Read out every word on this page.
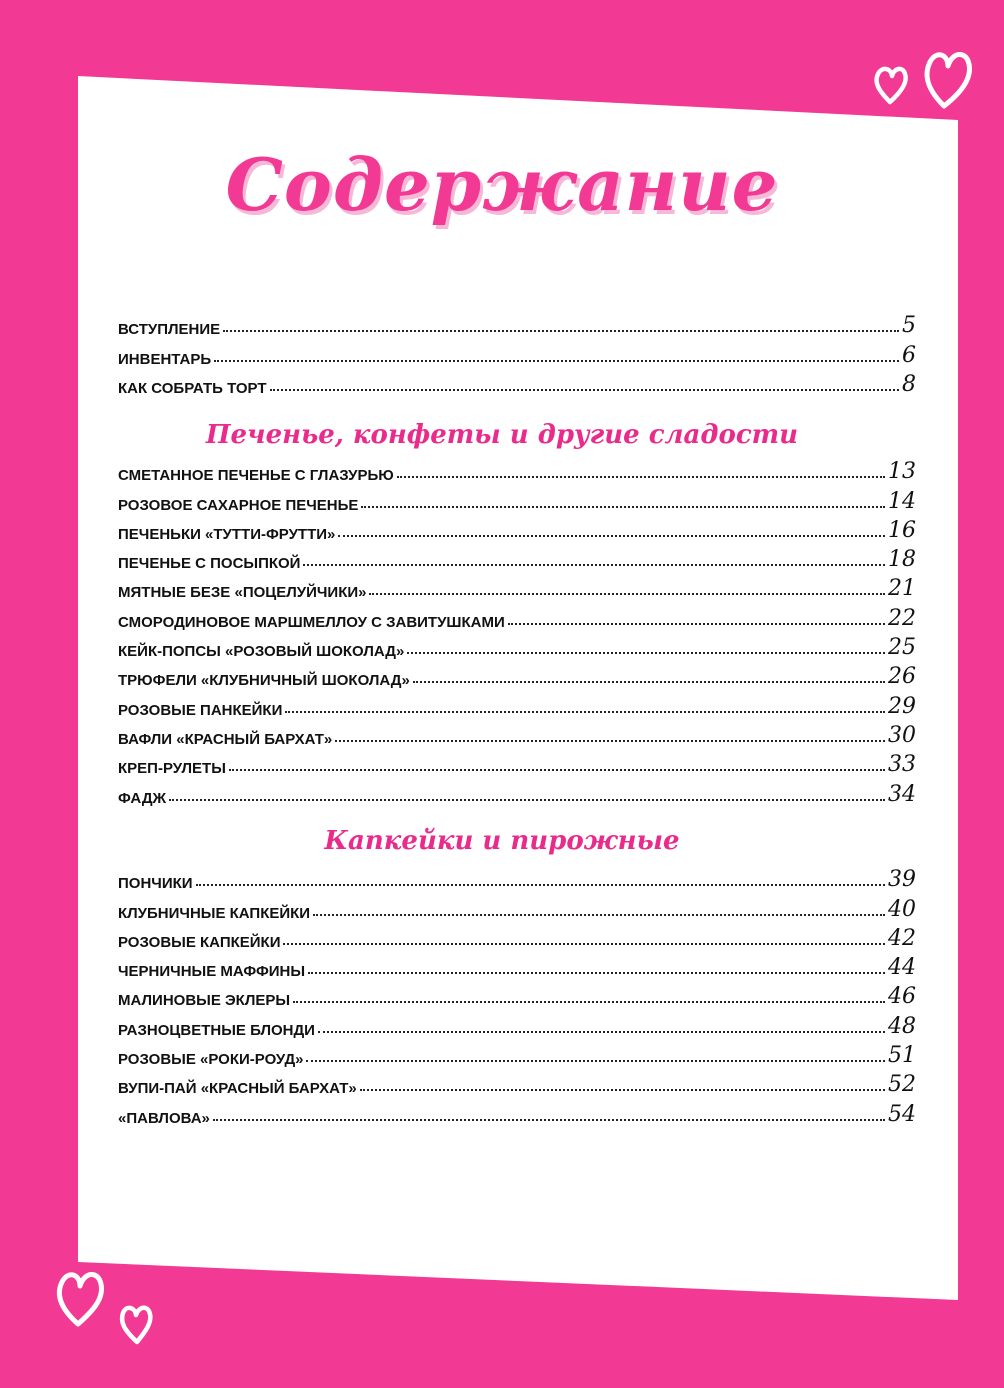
Содержание
ВСТУПЛЕНИЕ	5
ИНВЕНТАРЬ	6
КАК СОБРАТЬ ТОРТ	8
Печенье, конфеты и другие сладости
СМЕТАННОЕ ПЕЧЕНЬЕ С ГЛАЗУРЬЮ	13
РОЗОВОЕ САХАРНОЕ ПЕЧЕНЬЕ	14
ПЕЧЕНЬКИ «ТУТТИ-ФРУТТИ»	16
ПЕЧЕНЬЕ С ПОСЫПКОЙ	18
МЯТНЫЕ БЕЗЕ «ПОЦЕЛУЙЧИКИ»	21
СМОРОДИНОВОЕ МАРШМЕЛЛОУ С ЗАВИТУШКАМИ	22
КЕЙК-ПОПСЫ «РОЗОВЫЙ ШОКОЛАД»	25
ТРЮФЕЛИ «КЛУБНИЧНЫЙ ШОКОЛАД»	26
РОЗОВЫЕ ПАНКЕЙКИ	29
ВАФЛИ «КРАСНЫЙ БАРХАТ»	30
КРЕП-РУЛЕТЫ	33
ФАДЖ	34
Капкейки и пирожные
ПОНЧИКИ	39
КЛУБНИЧНЫЕ КАПКЕЙКИ	40
РОЗОВЫЕ КАПКЕЙКИ	42
ЧЕРНИЧНЫЕ МАФФИНЫ	44
МАЛИНОВЫЕ ЭКЛЕРЫ	46
РАЗНОЦВЕТНЫЕ БЛОНДИ	48
РОЗОВЫЕ «РОКИ-РОУД»	51
ВУПИ-ПАЙ «КРАСНЫЙ БАРХАТ»	52
«ПАВЛОВА»	54
